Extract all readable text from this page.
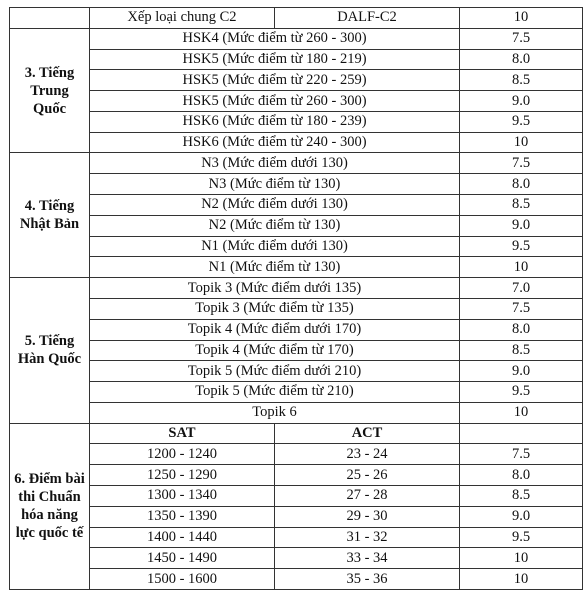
	Xếp loại chung C2	DALF-C2	10
3. Tiếng Trung Quốc	HSK4 (Mức điểm từ 260 - 300)		7.5
	HSK5 (Mức điểm từ 180 - 219)		8.0
	HSK5 (Mức điểm từ 220 - 259)		8.5
	HSK5 (Mức điểm từ 260 - 300)		9.0
	HSK6 (Mức điểm từ 180 - 239)		9.5
	HSK6 (Mức điểm từ 240 - 300)		10
4. Tiếng Nhật Bản	N3 (Mức điểm dưới 130)		7.5
	N3 (Mức điểm từ 130)		8.0
	N2 (Mức điểm dưới 130)		8.5
	N2 (Mức điểm từ 130)		9.0
	N1 (Mức điểm dưới 130)		9.5
	N1 (Mức điểm từ 130)		10
5. Tiếng Hàn Quốc	Topik 3 (Mức điểm dưới 135)		7.0
	Topik 3 (Mức điểm từ 135)		7.5
	Topik 4 (Mức điểm dưới 170)		8.0
	Topik 4 (Mức điểm từ 170)		8.5
	Topik 5 (Mức điểm dưới 210)		9.0
	Topik 5 (Mức điểm từ 210)		9.5
	Topik 6		10
6. Điểm bài thi Chuẩn hóa năng lực quốc tế	SAT	ACT	
	1200 - 1240	23 - 24	7.5
	1250 - 1290	25 - 26	8.0
	1300 - 1340	27 - 28	8.5
	1350 - 1390	29 - 30	9.0
	1400 - 1440	31 - 32	9.5
	1450 - 1490	33 - 34	10
	1500 - 1600	35 - 36	10
